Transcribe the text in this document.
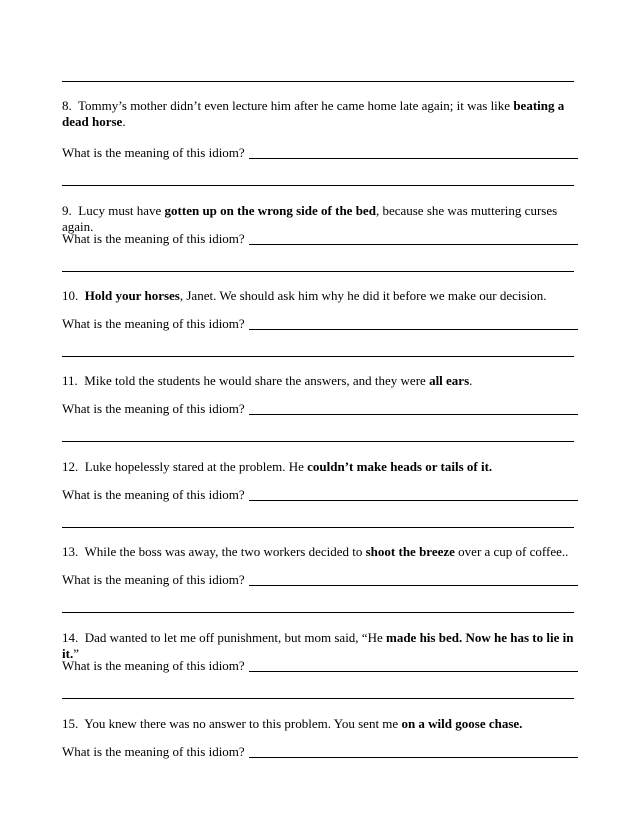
8. Tommy’s mother didn’t even lecture him after he came home late again; it was like beating a dead horse.
What is the meaning of this idiom?
9. Lucy must have gotten up on the wrong side of the bed, because she was muttering curses again.
What is the meaning of this idiom?
10. Hold your horses, Janet. We should ask him why he did it before we make our decision.
What is the meaning of this idiom?
11. Mike told the students he would share the answers, and they were all ears.
What is the meaning of this idiom?
12. Luke hopelessly stared at the problem. He couldn’t make heads or tails of it.
What is the meaning of this idiom?
13. While the boss was away, the two workers decided to shoot the breeze over a cup of coffee..
What is the meaning of this idiom?
14. Dad wanted to let me off punishment, but mom said, “He made his bed. Now he has to lie in it.”
What is the meaning of this idiom?
15. You knew there was no answer to this problem. You sent me on a wild goose chase.
What is the meaning of this idiom?
